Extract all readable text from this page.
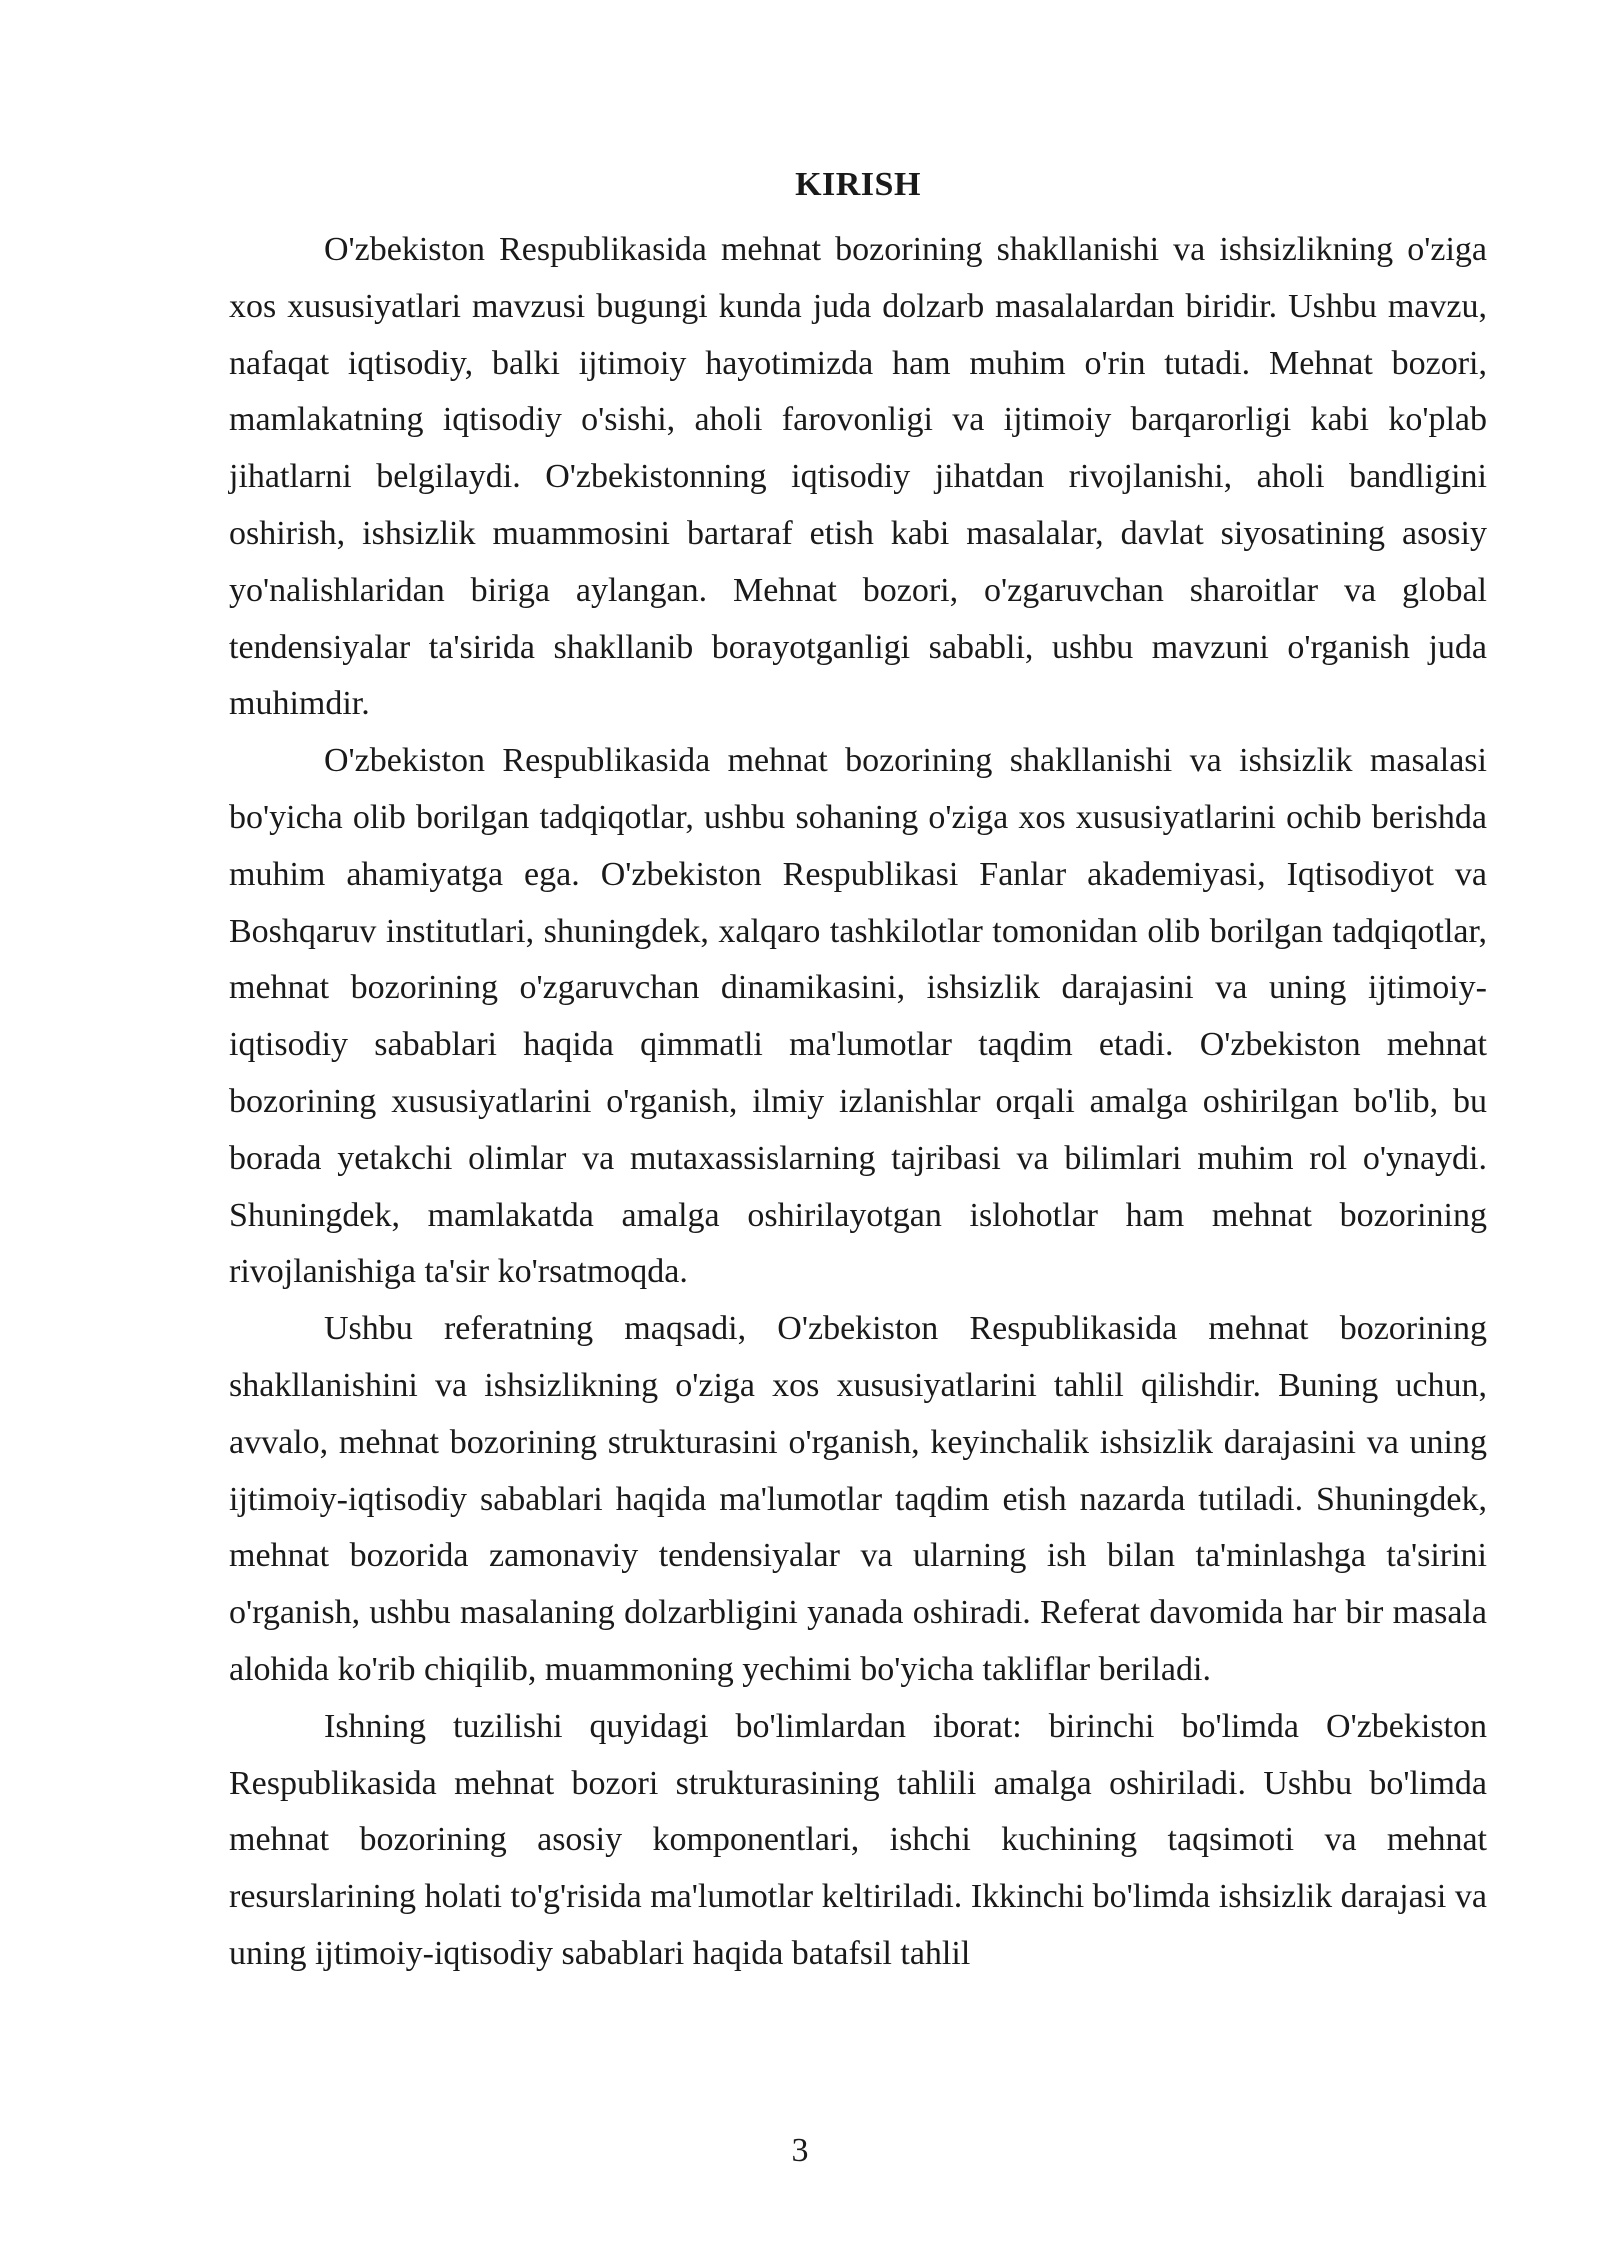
KIRISH

O'zbekiston Respublikasida mehnat bozorining shakllanishi va ishsizlikning o'ziga xos xususiyatlari mavzusi bugungi kunda juda dolzarb masalalardan biridir. Ushbu mavzu, nafaqat iqtisodiy, balki ijtimoiy hayotimizda ham muhim o'rin tutadi. Mehnat bozori, mamlakatning iqtisodiy o'sishi, aholi farovonligi va ijtimoiy barqarorligi kabi ko'plab jihatlarni belgilaydi. O'zbekistonning iqtisodiy jihatdan rivojlanishi, aholi bandligini oshirish, ishsizlik muammosini bartaraf etish kabi masalalar, davlat siyosatining asosiy yo'nalishlaridan biriga aylangan. Mehnat bozori, o'zgaruvchan sharoitlar va global tendensiyalar ta'sirida shakllanib borayotganligi sababli, ushbu mavzuni o'rganish juda muhimdir.

O'zbekiston Respublikasida mehnat bozorining shakllanishi va ishsizlik masalasi bo'yicha olib borilgan tadqiqotlar, ushbu sohaning o'ziga xos xususiyatlarini ochib berishda muhim ahamiyatga ega. O'zbekiston Respublikasi Fanlar akademiyasi, Iqtisodiyot va Boshqaruv institutlari, shuningdek, xalqaro tashkilotlar tomonidan olib borilgan tadqiqotlar, mehnat bozorining o'zgaruvchan dinamikasini, ishsizlik darajasini va uning ijtimoiy-iqtisodiy sabablari haqida qimmatli ma'lumotlar taqdim etadi. O'zbekiston mehnat bozorining xususiyatlarini o'rganish, ilmiy izlanishlar orqali amalga oshirilgan bo'lib, bu borada yetakchi olimlar va mutaxassislarning tajribasi va bilimlari muhim rol o'ynaydi. Shuningdek, mamlakatda amalga oshirilayotgan islohotlar ham mehnat bozorining rivojlanishiga ta'sir ko'rsatmoqda.

Ushbu referatning maqsadi, O'zbekiston Respublikasida mehnat bozorining shakllanishini va ishsizlikning o'ziga xos xususiyatlarini tahlil qilishdir. Buning uchun, avvalo, mehnat bozorining strukturasini o'rganish, keyinchalik ishsizlik darajasini va uning ijtimoiy-iqtisodiy sabablari haqida ma'lumotlar taqdim etish nazarda tutiladi. Shuningdek, mehnat bozorida zamonaviy tendensiyalar va ularning ish bilan ta'minlashga ta'sirini o'rganish, ushbu masalaning dolzarbligini yanada oshiradi. Referat davomida har bir masala alohida ko'rib chiqilib, muammoning yechimi bo'yicha takliflar beriladi.

Ishning tuzilishi quyidagi bo'limlardan iborat: birinchi bo'limda O'zbekiston Respublikasida mehnat bozori strukturasining tahlili amalga oshiriladi. Ushbu bo'limda mehnat bozorining asosiy komponentlari, ishchi kuchining taqsimoti va mehnat resurslarining holati to'g'risida ma'lumotlar keltiriladi. Ikkinchi bo'limda ishsizlik darajasi va uning ijtimoiy-iqtisodiy sabablari haqida batafsil tahlil

3
